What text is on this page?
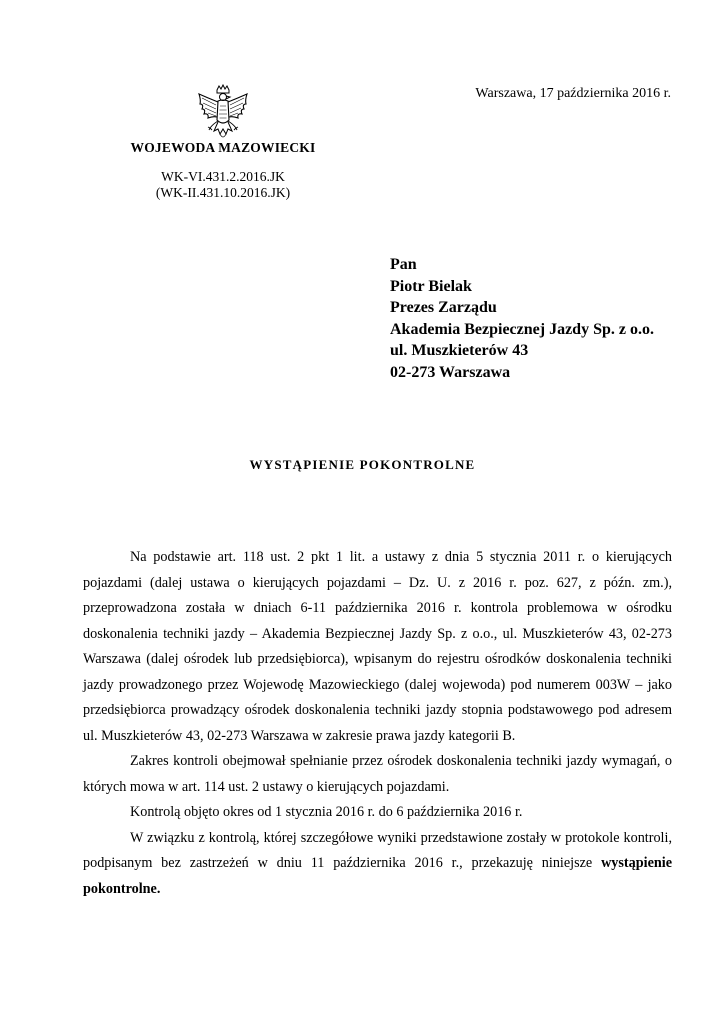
Warszawa, 17 października 2016 r.
WOJEWODA MAZOWIECKI
WK-VI.431.2.2016.JK
(WK-II.431.10.2016.JK)
Pan
Piotr Bielak
Prezes Zarządu
Akademia Bezpiecznej Jazdy Sp. z o.o.
ul. Muszkieterów 43
02-273 Warszawa
WYSTĄPIENIE POKONTROLNE

Na podstawie art. 118 ust. 2 pkt 1 lit. a ustawy z dnia 5 stycznia 2011 r. o kierujących pojazdami (dalej ustawa o kierujących pojazdami – Dz. U. z 2016 r. poz. 627, z późn. zm.), przeprowadzona została w dniach 6-11 października 2016 r. kontrola problemowa w ośrodku doskonalenia techniki jazdy – Akademia Bezpiecznej Jazdy Sp. z o.o., ul. Muszkieterów 43, 02-273 Warszawa (dalej ośrodek lub przedsiębiorca), wpisanym do rejestru ośrodków doskonalenia techniki jazdy prowadzonego przez Wojewodę Mazowieckiego (dalej wojewoda) pod numerem 003W – jako przedsiębiorca prowadzący ośrodek doskonalenia techniki jazdy stopnia podstawowego pod adresem ul. Muszkieterów 43, 02-273 Warszawa w zakresie prawa jazdy kategorii B.

Zakres kontroli obejmował spełnianie przez ośrodek doskonalenia techniki jazdy wymagań, o których mowa w art. 114 ust. 2 ustawy o kierujących pojazdami.

Kontrolą objęto okres od 1 stycznia 2016 r. do 6 października 2016 r.

W związku z kontrolą, której szczegółowe wyniki przedstawione zostały w protokole kontroli, podpisanym bez zastrzeżeń w dniu 11 października 2016 r., przekazuję niniejsze wystąpienie pokontrolne.
